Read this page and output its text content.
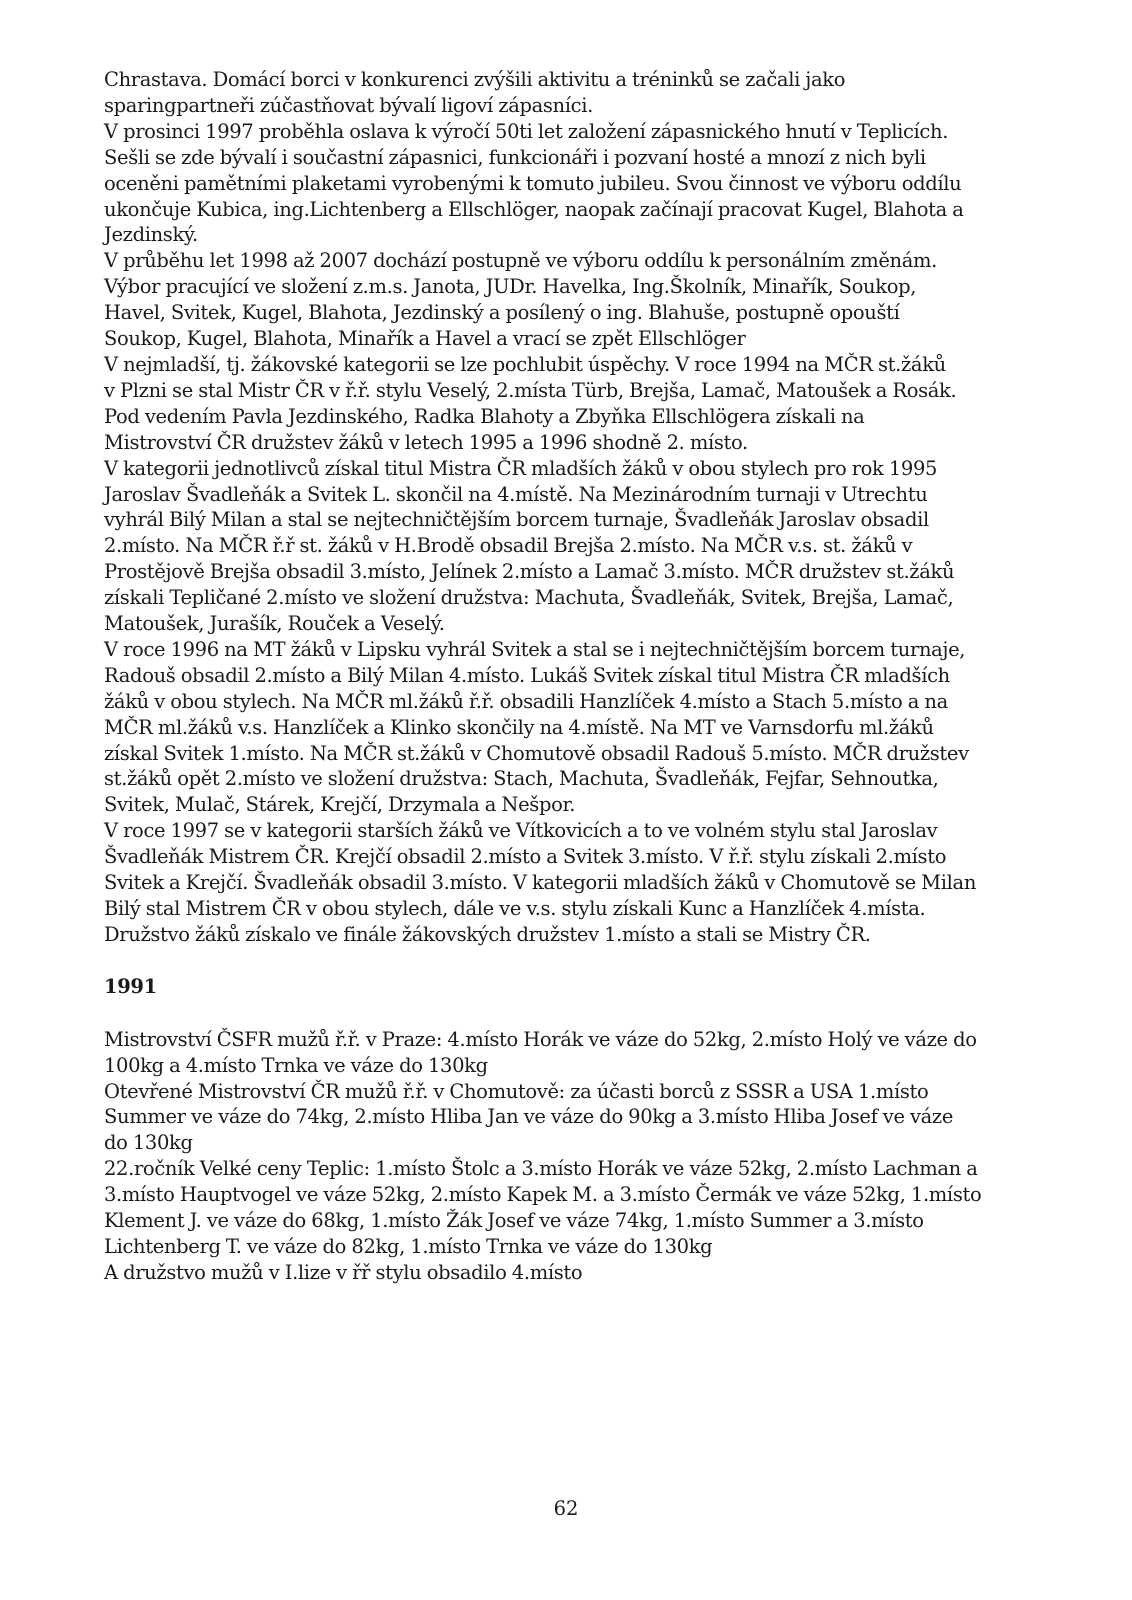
Chrastava. Domácí borci v konkurenci zvýšili aktivitu a tréninků se začali jako
sparingpartneři zúčastňovat bývalí ligoví zápasníci.
V prosinci 1997 proběhla oslava k výročí 50ti let založení zápasnického hnutí v Teplicích.
Sešli se zde bývalí i součastní zápasnici, funkcionáři i pozvaní hosté a mnozí z nich byli
oceněni pamětními plaketami vyrobenými k tomuto jubileu. Svou činnost ve výboru oddílu
ukončuje Kubica, ing.Lichtenberg a Ellschlöger, naopak začínají pracovat Kugel, Blahota a
Jezdinský.
V průběhu let 1998 až 2007 dochází postupně ve výboru oddílu k personálním změnám.
Výbor pracující ve složení z.m.s. Janota, JUDr. Havelka, Ing.Školník, Minařík, Soukop,
Havel, Svitek, Kugel, Blahota, Jezdinský a posílený o ing. Blahuše, postupně opouští
Soukop, Kugel, Blahota, Minařík a Havel a vrací se zpět Ellschlöger
V nejmladší, tj. žákovské kategorii se lze pochlubit úspěchy. V roce 1994 na MČR st.žáků
v Plzni se stal Mistr ČR v ř.ř. stylu Veselý, 2.místa Türb, Brejša, Lamač, Matoušek a Rosák.
Pod vedením Pavla Jezdinského, Radka Blahoty a Zbyňka Ellschlögera získali na
Mistrovství ČR družstev žáků v letech 1995 a 1996 shodně 2. místo.
V kategorii jednotlivců získal titul Mistra ČR mladších žáků v obou stylech pro rok 1995
Jaroslav Švadleňák a Svitek L. skončil na 4.místě. Na Mezinárodním turnaji v Utrechtu
vyhrál Bilý Milan a stal se nejtechničtějším borcem turnaje, Švadleňák Jaroslav obsadil
2.místo. Na MČR ř.ř st. žáků v H.Brodě obsadil Brejša 2.místo. Na MČR v.s. st. žáků v
Prostějově Brejša obsadil 3.místo, Jelínek 2.místo a Lamač 3.místo. MČR družstev st.žáků
získali Tepličané 2.místo ve složení družstva: Machuta, Švadleňák, Svitek, Brejša, Lamač,
Matoušek, Jurašík, Rouček a Veselý.
V roce 1996 na MT žáků v Lipsku vyhrál Svitek a stal se i nejtechničtějším borcem turnaje,
Radouš obsadil 2.místo a Bilý Milan 4.místo. Lukáš Svitek získal titul Mistra ČR mladších
žáků v obou stylech. Na MČR ml.žáků ř.ř. obsadili Hanzlíček 4.místo a Stach 5.místo a na
MČR ml.žáků v.s. Hanzlíček a Klinko skončily na 4.místě. Na MT ve Varnsdorfu ml.žáků
získal Svitek 1.místo. Na MČR st.žáků v Chomutově obsadil Radouš 5.místo. MČR družstev
st.žáků opět 2.místo ve složení družstva: Stach, Machuta, Švadleňák, Fejfar, Sehnoutka,
Svitek, Mulač, Stárek, Krejčí, Drzymala a Nešpor.
V roce 1997 se v kategorii starších žáků ve Vítkovicích a to ve volném stylu stal Jaroslav
Švadleňák Mistrem ČR. Krejčí obsadil 2.místo a Svitek 3.místo. V ř.ř. stylu získali 2.místo
Svitek a Krejčí. Švadleňák obsadil 3.místo. V kategorii mladších žáků v Chomutově se Milan
Bilý stal Mistrem ČR v obou stylech, dále ve v.s. stylu získali Kunc a Hanzlíček 4.místa.
Družstvo žáků získalo ve finále žákovských družstev 1.místo a stali se Mistry ČR.
1991
Mistrovství ČSFR mužů ř.ř. v Praze: 4.místo Horák ve váze do 52kg, 2.místo Holý ve váze do
100kg a 4.místo Trnka ve váze do 130kg
Otevřené Mistrovství ČR mužů ř.ř. v Chomutově: za účasti borců z SSSR a USA 1.místo
Summer ve váze do 74kg, 2.místo Hliba Jan ve váze do 90kg a 3.místo Hliba Josef ve váze
do 130kg
22.ročník Velké ceny Teplic: 1.místo Štolc a 3.místo Horák ve váze 52kg, 2.místo Lachman a
3.místo Hauptvogel ve váze 52kg, 2.místo Kapek M. a 3.místo Čermák ve váze 52kg, 1.místo
Klement J. ve váze do 68kg, 1.místo Žák Josef ve váze 74kg, 1.místo Summer a 3.místo
Lichtenberg T. ve váze do 82kg, 1.místo Trnka ve váze do 130kg
A družstvo mužů v I.lize v řř stylu obsadilo 4.místo
62
